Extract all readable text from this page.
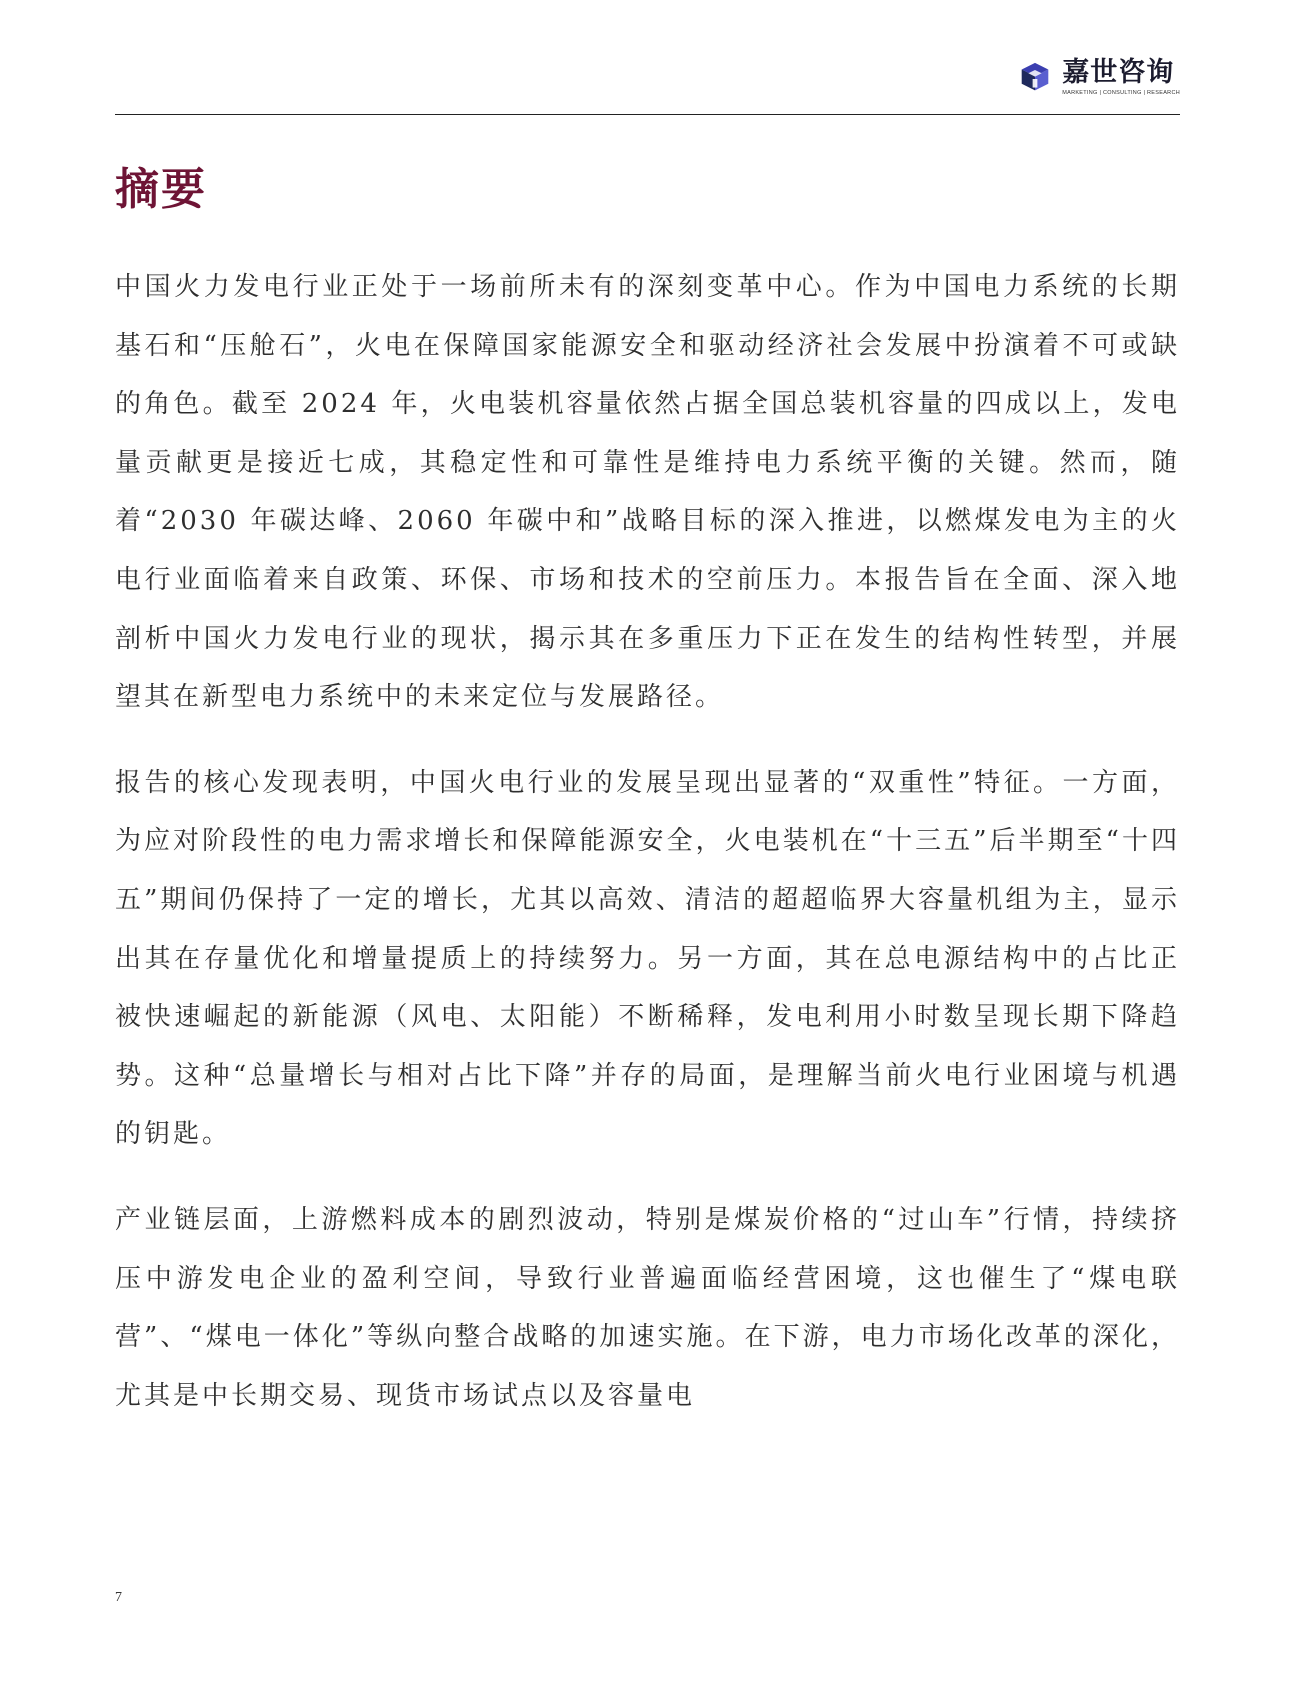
嘉世咨询
MARKETING | CONSULTING | RESEARCH
摘要

中国火力发电行业正处于一场前所未有的深刻变革中心。作为中国电力系统的长期基石和“压舱石”，火电在保障国家能源安全和驱动经济社会发展中扮演着不可或缺的角色。截至 2024 年，火电装机容量依然占据全国总装机容量的四成以上，发电量贡献更是接近七成，其稳定性和可靠性是维持电力系统平衡的关键。然而，随着“2030 年碳达峰、2060 年碳中和”战略目标的深入推进，以燃煤发电为主的火电行业面临着来自政策、环保、市场和技术的空前压力。本报告旨在全面、深入地剖析中国火力发电行业的现状，揭示其在多重压力下正在发生的结构性转型，并展望其在新型电力系统中的未来定位与发展路径。

报告的核心发现表明，中国火电行业的发展呈现出显著的“双重性”特征。一方面，为应对阶段性的电力需求增长和保障能源安全，火电装机在“十三五”后半期至“十四五”期间仍保持了一定的增长，尤其以高效、清洁的超超临界大容量机组为主，显示出其在存量优化和增量提质上的持续努力。另一方面，其在总电源结构中的占比正被快速崛起的新能源（风电、太阳能）不断稀释，发电利用小时数呈现长期下降趋势。这种“总量增长与相对占比下降”并存的局面，是理解当前火电行业困境与机遇的钥匙。

产业链层面，上游燃料成本的剧烈波动，特别是煤炭价格的“过山车”行情，持续挤压中游发电企业的盈利空间，导致行业普遍面临经营困境，这也催生了“煤电联营”、“煤电一体化”等纵向整合战略的加速实施。在下游，电力市场化改革的深化，尤其是中长期交易、现货市场试点以及容量电

7
